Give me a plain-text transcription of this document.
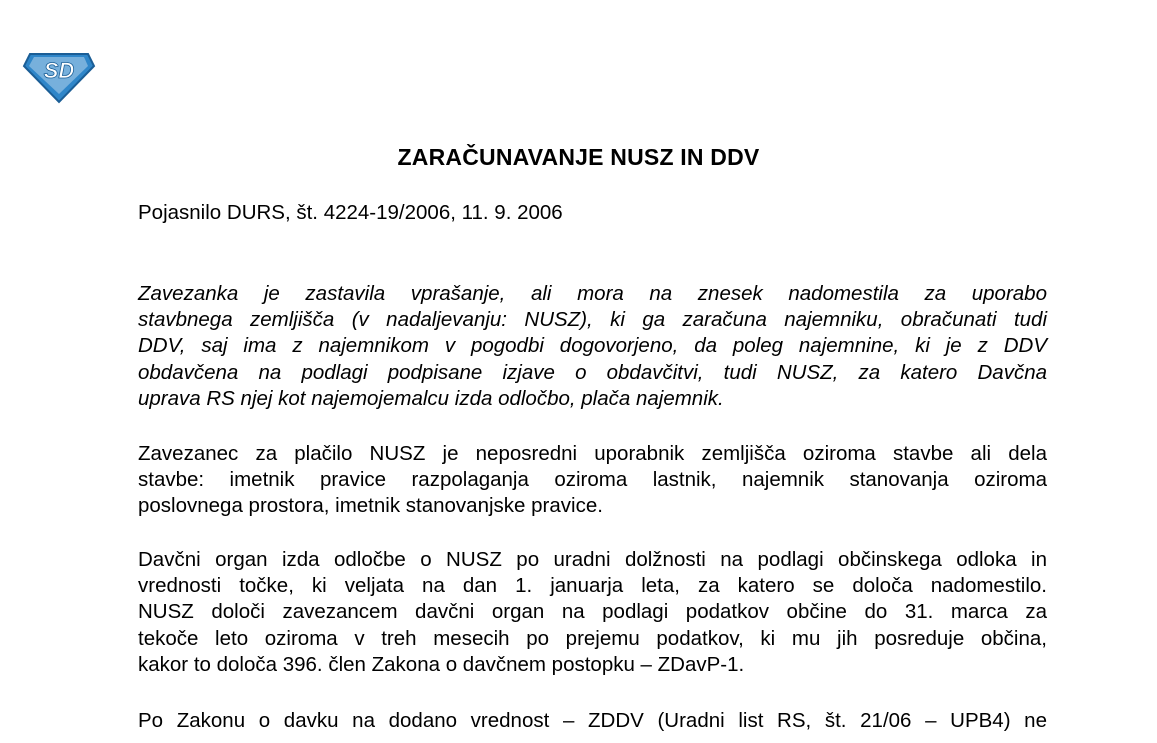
SD
ZARAČUNAVANJE NUSZ IN DDV

Pojasnilo DURS, št. 4224-19/2006, 11. 9. 2006

Zavezanka je zastavila vprašanje, ali mora na znesek nadomestila za uporabo
stavbnega zemljišča (v nadaljevanju: NUSZ), ki ga zaračuna najemniku, obračunati tudi
DDV, saj ima z najemnikom v pogodbi dogovorjeno, da poleg najemnine, ki je z DDV
obdavčena na podlagi podpisane izjave o obdavčitvi, tudi NUSZ, za katero Davčna
uprava RS njej kot najemojemalcu izda odločbo, plača najemnik.

Zavezanec za plačilo NUSZ je neposredni uporabnik zemljišča oziroma stavbe ali dela
stavbe: imetnik pravice razpolaganja oziroma lastnik, najemnik stanovanja oziroma
poslovnega prostora, imetnik stanovanjske pravice.

Davčni organ izda odločbe o NUSZ po uradni dolžnosti na podlagi občinskega odloka in
vrednosti točke, ki veljata na dan 1. januarja leta, za katero se določa nadomestilo.
NUSZ določi zavezancem davčni organ na podlagi podatkov občine do 31. marca za
tekoče leto oziroma v treh mesecih po prejemu podatkov, ki mu jih posreduje občina,
kakor to določa 396. člen Zakona o davčnem postopku – ZDavP-1.

Po Zakonu o davku na dodano vrednost – ZDDV (Uradni list RS, št. 21/06 – UPB4) ne
